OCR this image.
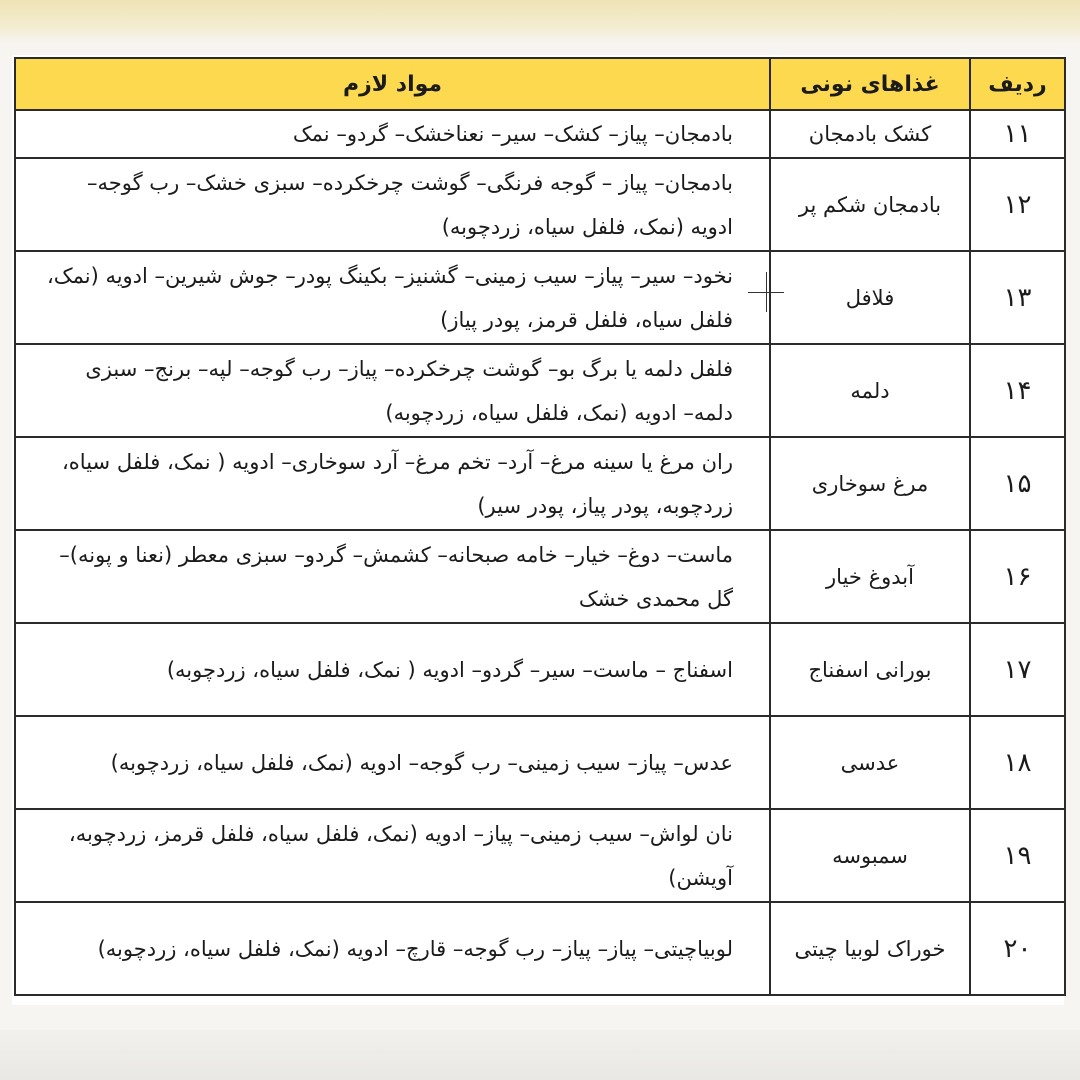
ردیف	غذاهای نونی	مواد لازم
۱۱	کشک بادمجان	بادمجان– پیاز– کشک– سیر– نعناخشک– گردو– نمک
۱۲	بادمجان شکم پر	بادمجان– پیاز – گوجه فرنگی– گوشت چرخکرده– سبزی خشک– رب گوجه– ادویه (نمک، فلفل سیاه، زردچوبه)
۱۳	فلافل	نخود– سیر– پیاز– سیب زمینی– گشنیز– بکینگ پودر– جوش شیرین– ادویه (نمک، فلفل سیاه، فلفل قرمز، پودر پیاز)
۱۴	دلمه	فلفل دلمه یا برگ بو– گوشت چرخکرده– پیاز– رب گوجه– لپه– برنج– سبزی دلمه– ادویه (نمک، فلفل سیاه، زردچوبه)
۱۵	مرغ سوخاری	ران مرغ یا سینه مرغ– آرد– تخم مرغ– آرد سوخاری– ادویه ( نمک، فلفل سیاه، زردچوبه، پودر پیاز، پودر سیر)
۱۶	آبدوغ خیار	ماست– دوغ– خیار– خامه صبحانه– کشمش– گردو– سبزی معطر (نعنا و پونه)– گل محمدی خشک
۱۷	بورانی اسفناج	اسفناج – ماست– سیر– گردو– ادویه ( نمک، فلفل سیاه، زردچوبه)
۱۸	عدسی	عدس– پیاز– سیب زمینی– رب گوجه– ادویه (نمک، فلفل سیاه، زردچوبه)
۱۹	سمبوسه	نان لواش– سیب زمینی– پیاز– ادویه (نمک، فلفل سیاه، فلفل قرمز، زردچوبه، آویشن)
۲۰	خوراک لوبیا چیتی	لوبیاچیتی– پیاز– پیاز– رب گوجه– قارچ– ادویه (نمک، فلفل سیاه، زردچوبه)
